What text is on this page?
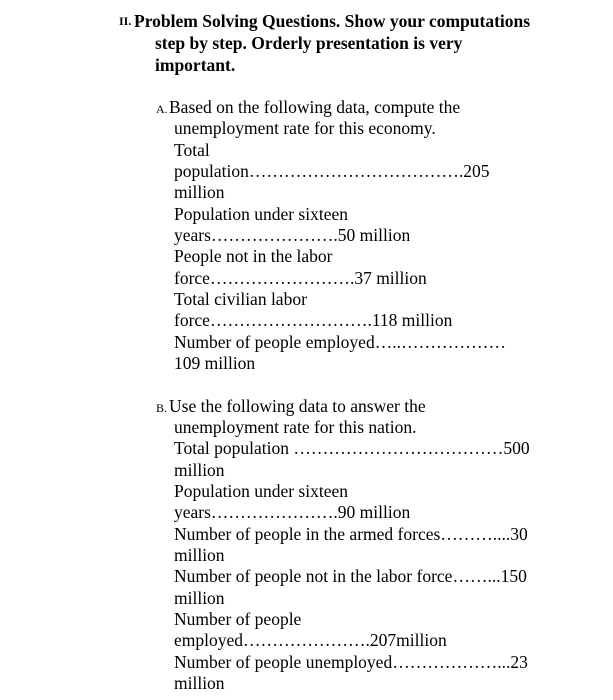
II. Problem Solving Questions. Show your computations
step by step. Orderly presentation is very
important.
A. Based on the following data, compute the
unemployment rate for this economy.
Total
population……………………………….205
million
Population under sixteen
years………………….50 million
People not in the labor
force…………………….37 million
Total civilian labor
force……………………….118 million
Number of people employed…..………………
109 million
B. Use the following data to answer the
unemployment rate for this nation.
Total population ………………………………500
million
Population under sixteen
years………………….90 million
Number of people in the armed forces………....30
million
Number of people not in the labor force……...150
million
Number of people
employed………………….207million
Number of people unemployed………………...23
million
